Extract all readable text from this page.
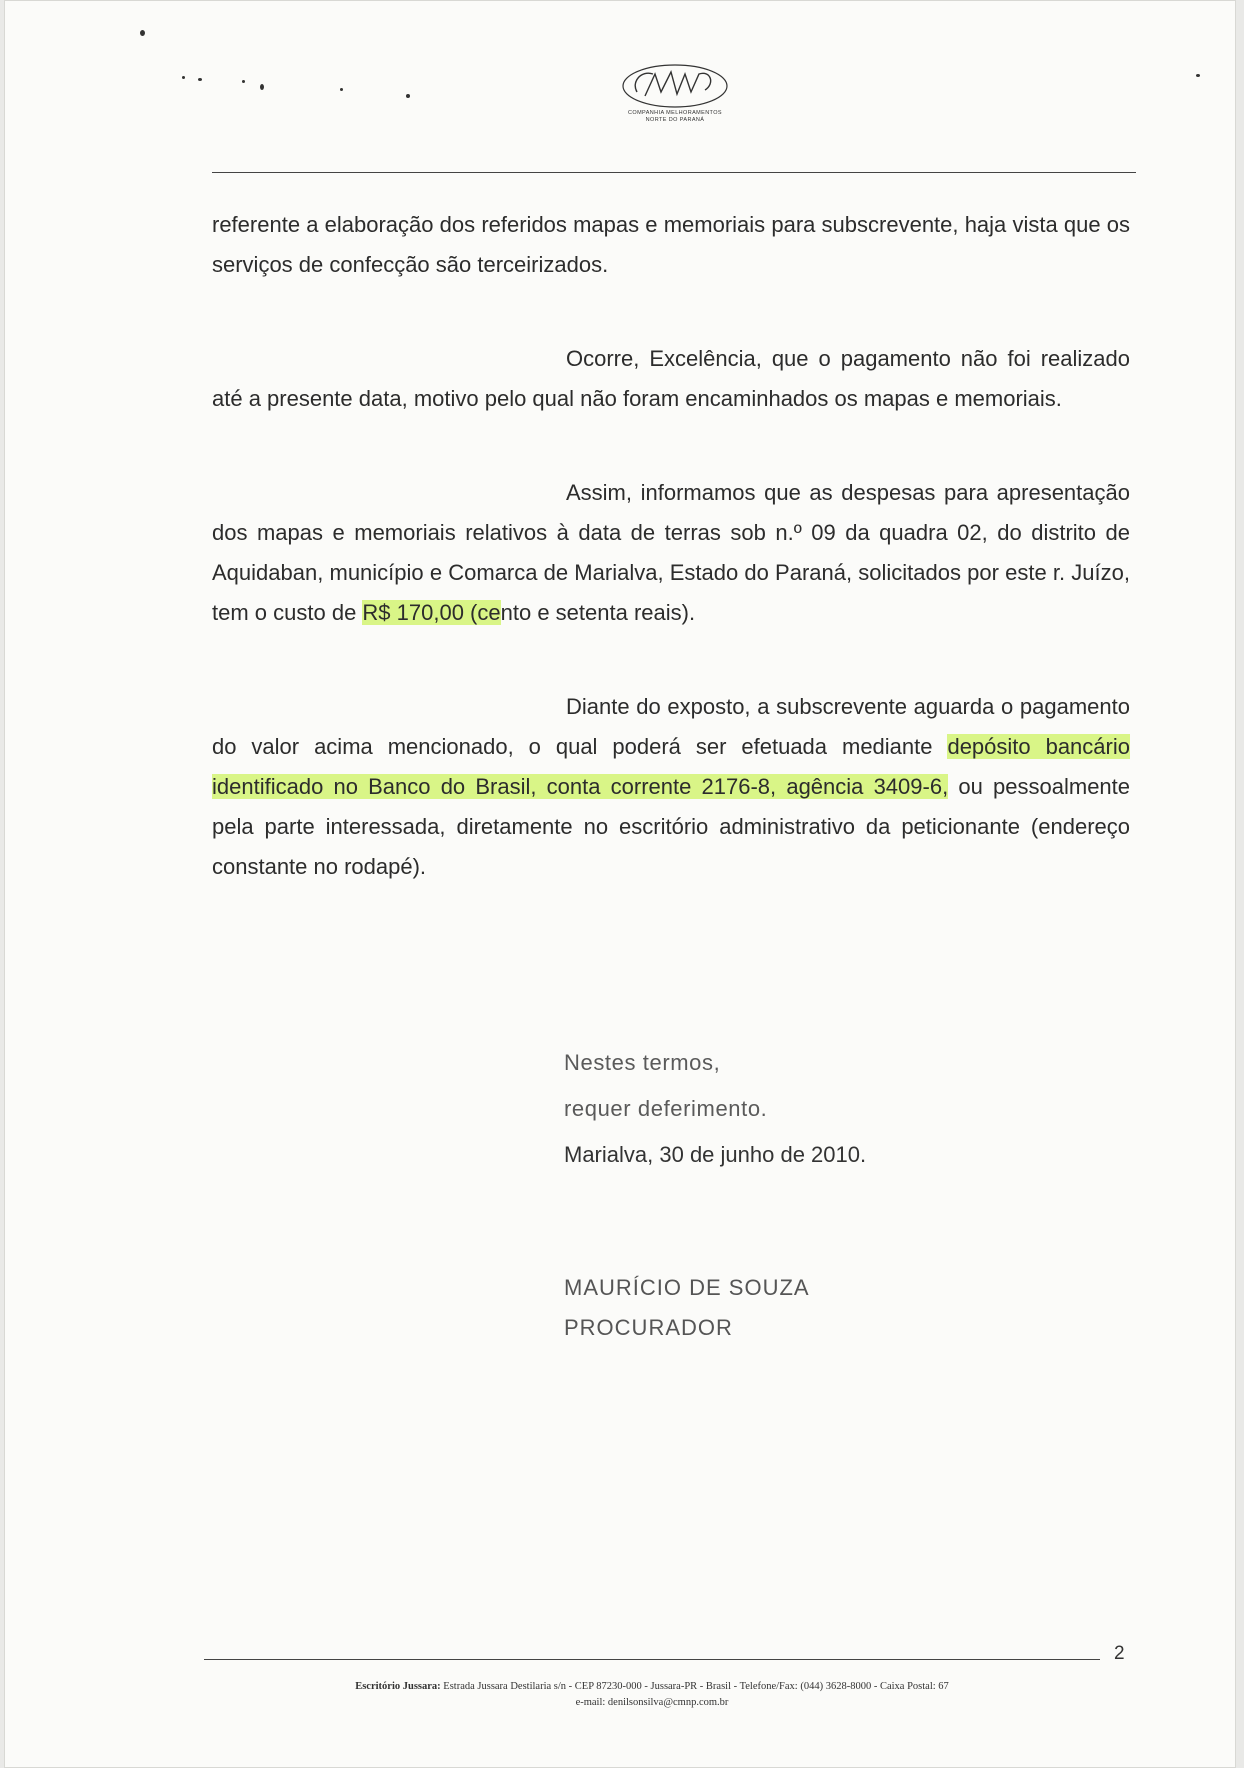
COMPANHIA MELHORAMENTOS
NORTE DO PARANÁ

referente a elaboração dos referidos mapas e memoriais para subscrevente, haja vista que os serviços de confecção são terceirizados.

Ocorre, Excelência, que o pagamento não foi realizado até a presente data, motivo pelo qual não foram encaminhados os mapas e memoriais.

Assim, informamos que as despesas para apresentação dos mapas e memoriais relativos à data de terras sob n.º 09 da quadra 02, do distrito de Aquidaban, município e Comarca de Marialva, Estado do Paraná, solicitados por este r. Juízo, tem o custo de R$ 170,00 (cento e setenta reais).

Diante do exposto, a subscrevente aguarda o pagamento do valor acima mencionado, o qual poderá ser efetuada mediante depósito bancário identificado no Banco do Brasil, conta corrente 2176-8, agência 3409-6, ou pessoalmente pela parte interessada, diretamente no escritório administrativo da peticionante (endereço constante no rodapé).

Nestes termos,
requer deferimento.
Marialva, 30 de junho de 2010.
MAURÍCIO DE SOUZA
PROCURADOR
2
Escritório Jussara: Estrada Jussara Destilaria s/n - CEP 87230-000 - Jussara-PR - Brasil - Telefone/Fax: (044) 3628-8000 - Caixa Postal: 67
e-mail: denilsonsilva@cmnp.com.br
